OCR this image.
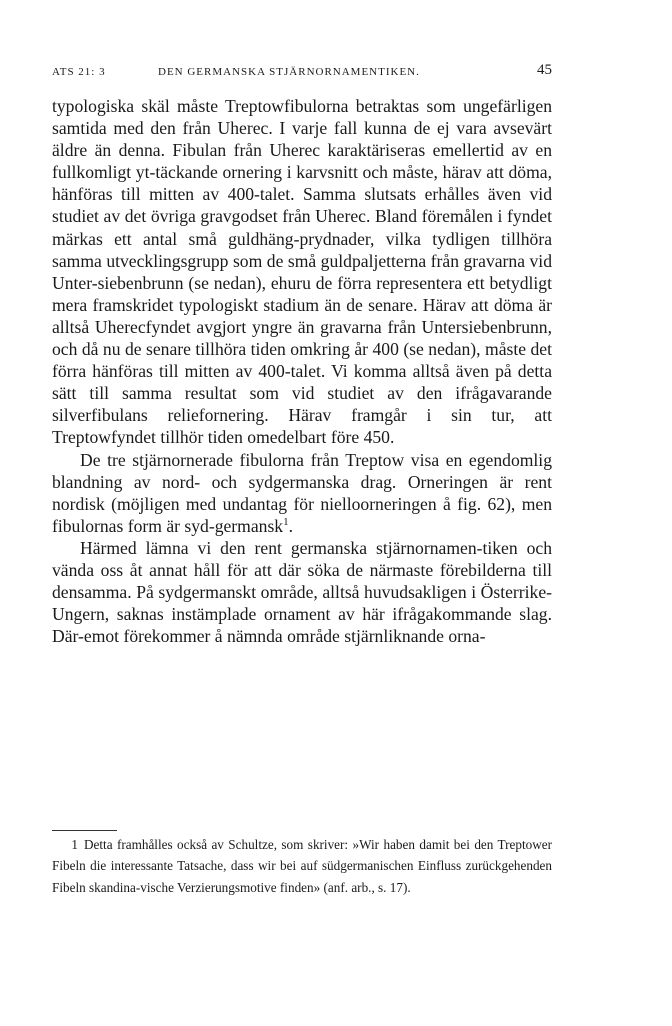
ATS 21: 3	DEN GERMANSKA STJÄRNORNAMENTIKEN.	45

typologiska skäl måste Treptowfibulorna betraktas som ungefärligen samtida med den från Uherec. I varje fall kunna de ej vara avsevärt äldre än denna. Fibulan från Uherec karaktäriseras emellertid av en fullkomligt yt-täckande ornering i karvsnitt och måste, härav att döma, hänföras till mitten av 400-talet. Samma slutsats erhålles även vid studiet av det övriga gravgodset från Uherec. Bland föremålen i fyndet märkas ett antal små guldhäng-prydnader, vilka tydligen tillhöra samma utvecklingsgrupp som de små guldpaljetterna från gravarna vid Unter-siebenbrunn (se nedan), ehuru de förra representera ett betydligt mera framskridet typologiskt stadium än de senare. Härav att döma är alltså Uherecfyndet avgjort yngre än gravarna från Untersiebenbrunn, och då nu de senare tillhöra tiden omkring år 400 (se nedan), måste det förra hänföras till mitten av 400-talet. Vi komma alltså även på detta sätt till samma resultat som vid studiet av den ifrågavarande silverfibulans reliefornering. Härav framgår i sin tur, att Treptowfyndet tillhör tiden omedelbart före 450.

De tre stjärnornerade fibulorna från Treptow visa en egendomlig blandning av nord- och sydgermanska drag. Orneringen är rent nordisk (möjligen med undantag för nielloorneringen å fig. 62), men fibulornas form är syd-germansk$^1$.

Härmed lämna vi den rent germanska stjärnornamen-tiken och vända oss åt annat håll för att där söka de närmaste förebilderna till densamma. På sydgermanskt område, alltså huvudsakligen i Österrike-Ungern, saknas instämplade ornament av här ifrågakommande slag. Där-emot förekommer å nämnda område stjärnliknande orna-

1 Detta framhålles också av Schultze, som skriver: »Wir haben damit bei den Treptower Fibeln die interessante Tatsache, dass wir bei auf südgermanischen Einfluss zurückgehenden Fibeln skandina-vische Verzierungsmotive finden» (anf. arb., s. 17).
